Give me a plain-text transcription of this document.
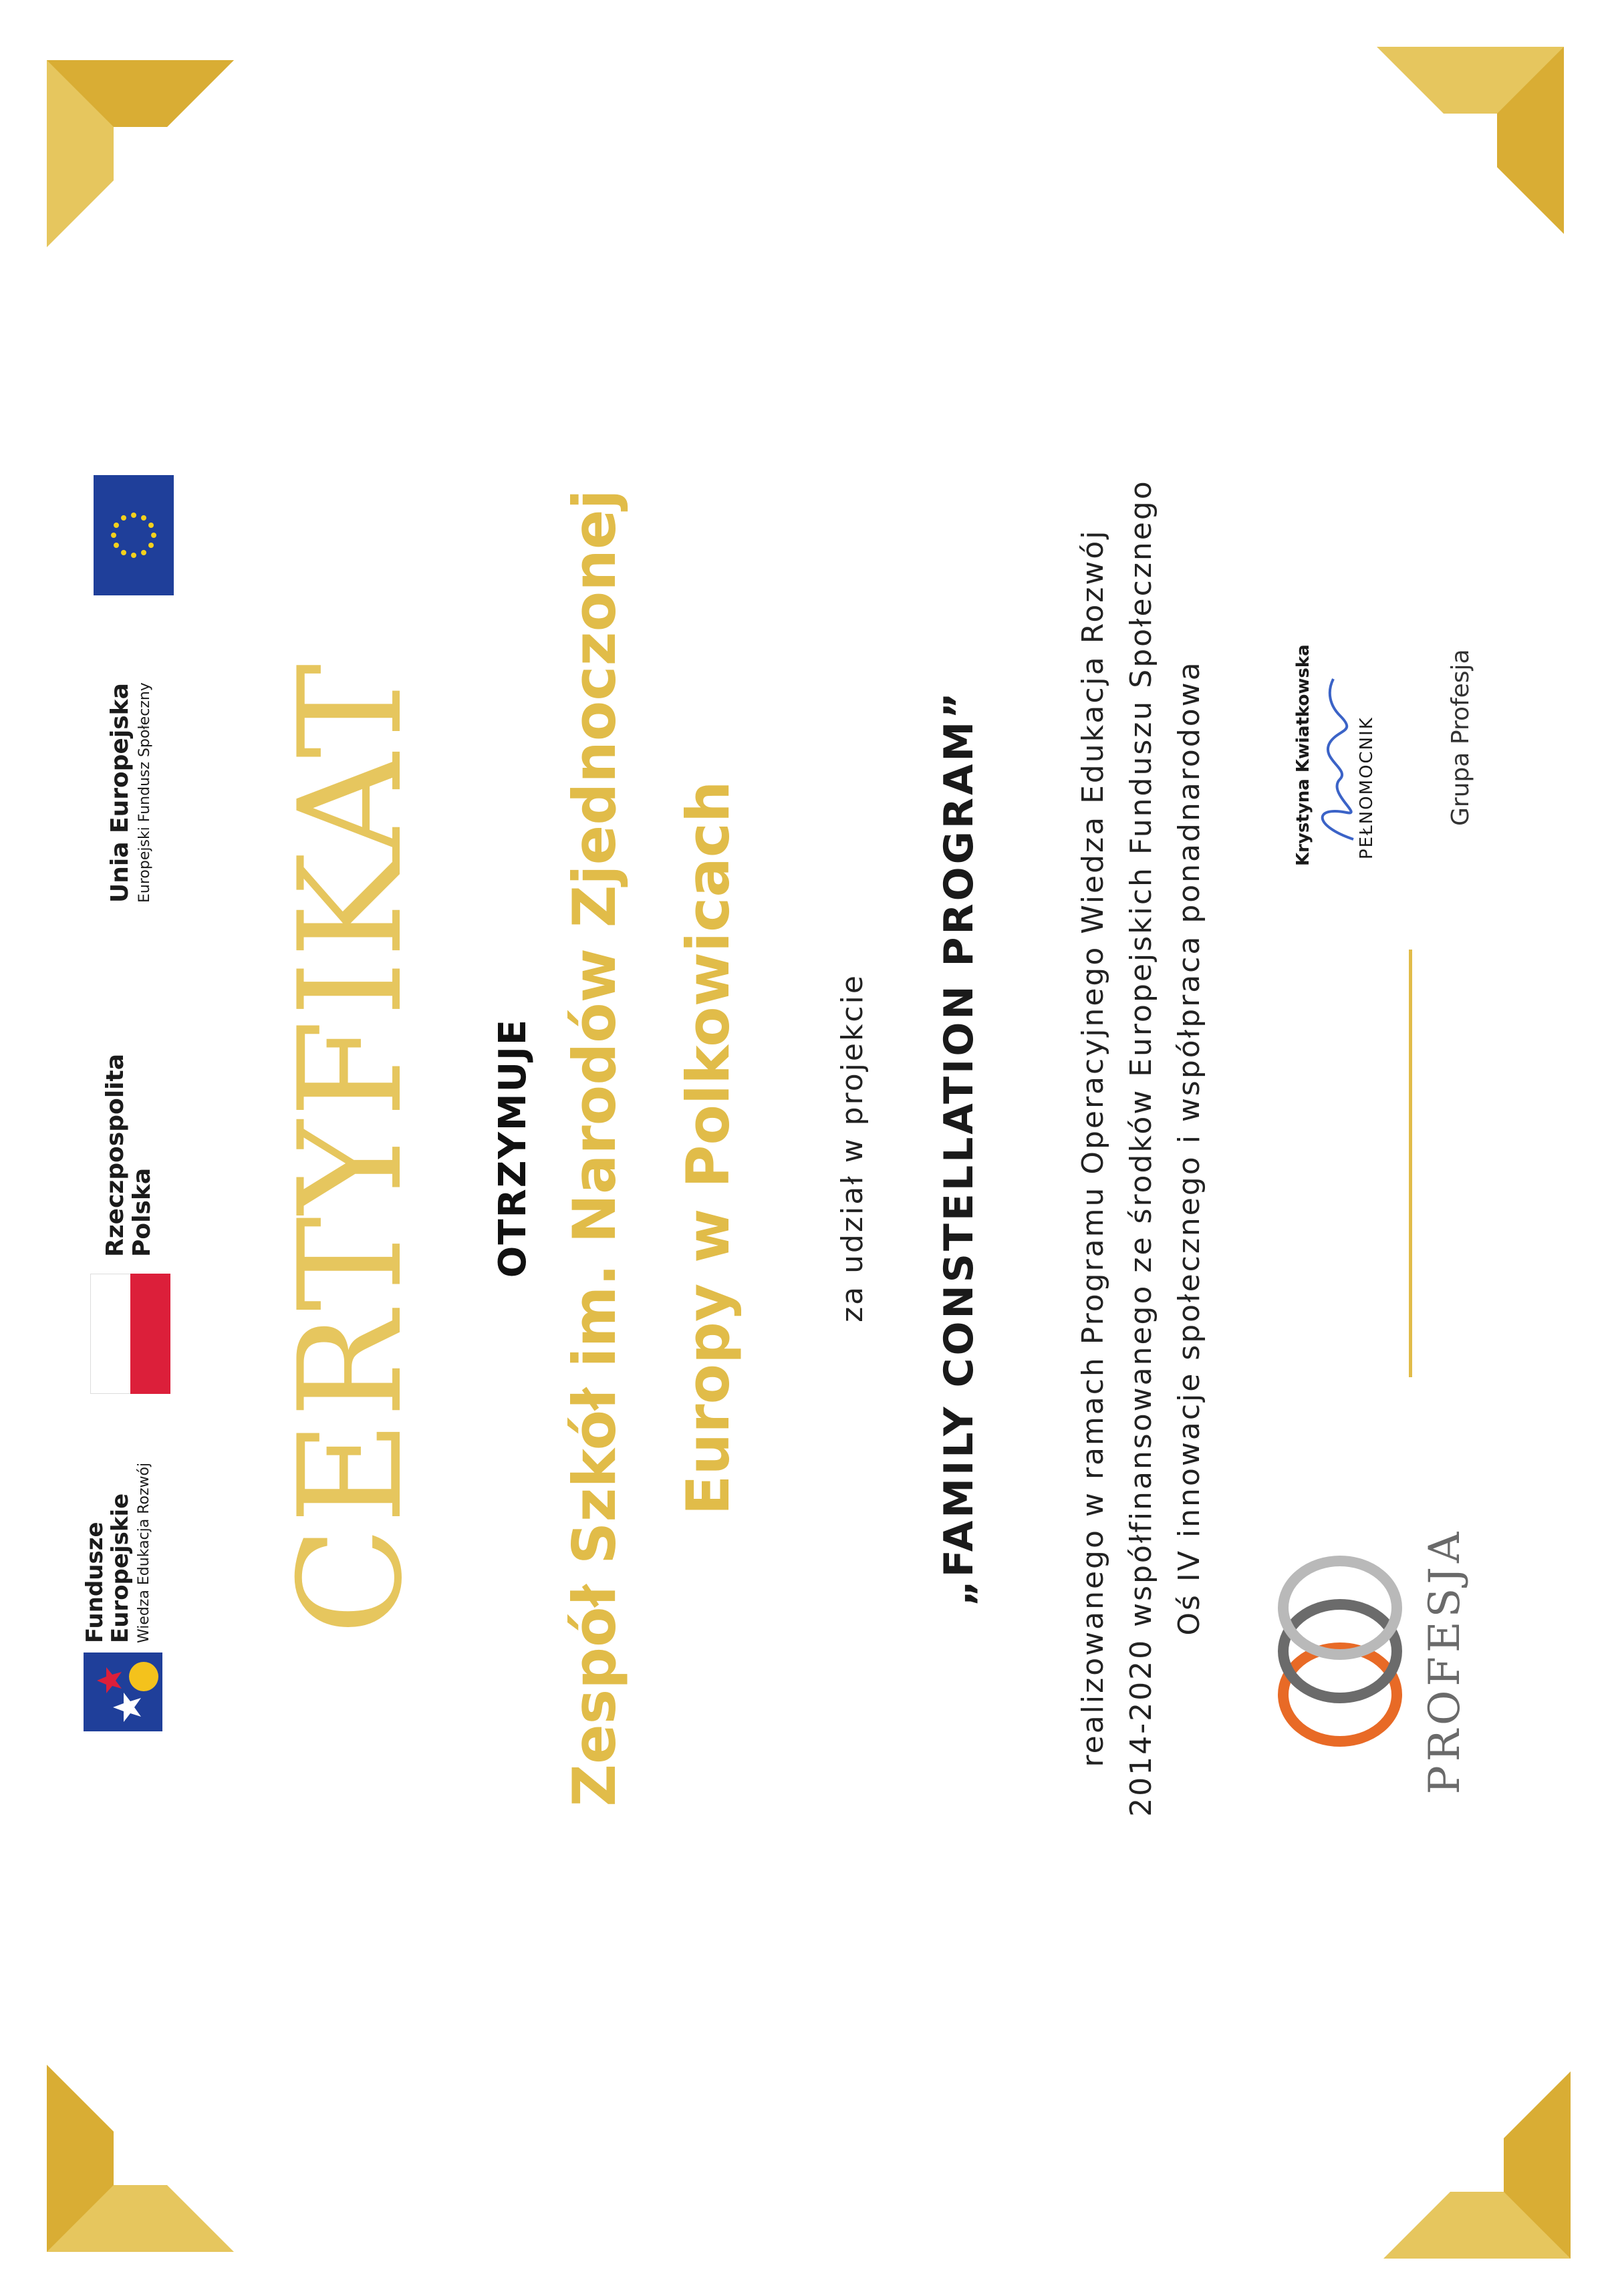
Fundusze
Europejskie Wiedza Edukacja Rozwój
Rzeczpospolita Polska
Unia Europejska Europejski Fundusz Społeczny CERTYFIKAT OTRZYMUJE Zespół Szkół im. Narodów Zjednoczonej Europy w Polkowicach	za udział w projekcie „FAMILY CONSTELLATION PROGRAM”	realizowanego w ramach Programu Operacyjnego Wiedza Edukacja Rozwój 2014-2020 współfinansowanego ze środków Europejskich Funduszu Społecznego Oś IV innowacje społecznego i współpraca ponadnarodowa
PROFESJA
Krystyna Kwiatkowska	PEŁNOMOCNIK	Grupa Profesja
